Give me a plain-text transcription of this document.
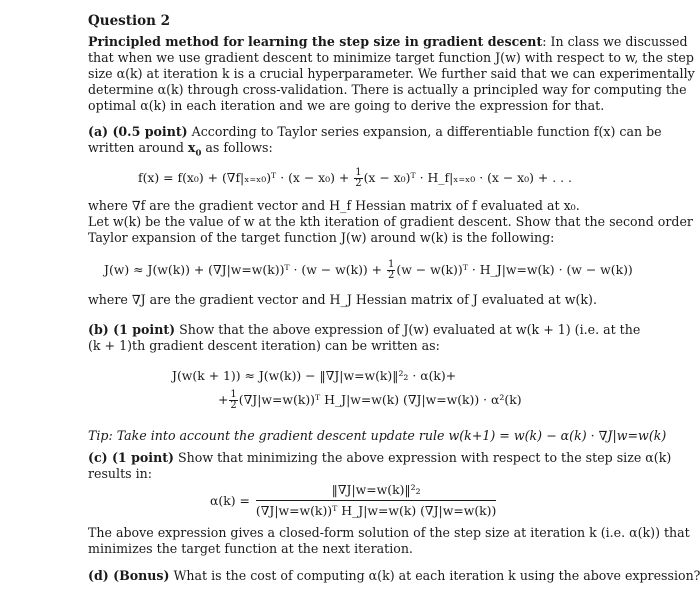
Question 2
Principled method for learning the step size in gradient descent: In class we discussed
that when we use gradient descent to minimize target function J(w) with respect to w, the step
size α(k) at iteration k is a crucial hyperparameter. We further said that we can experimentally
determine α(k) through cross-validation. There is actually a principled way for computing the
optimal α(k) in each iteration and we are going to derive the expression for that.
(a) (0.5 point) According to Taylor series expansion, a differentiable function f(x) can be
written around $x_0$ as follows:
f(x) = f(x₀) + (∇f|ₓ₌ₓ₀)ᵀ · $(x - x_0) + \frac{1}{2} (x$ − x₀)ᵀ · H_f|ₓ₌ₓ₀ · (x − x₀) + . . .
where ∇f are the gradient vector and H_f Hessian matrix of f evaluated at x₀.
Let w(k) be the value of w at the kth iteration of gradient descent. Show that the second order
Taylor expansion of the target function J(w) around w(k) is the following:
J(w) ≈ J(w(k)) + (∇J|w=w(k))ᵀ · $(w - w(k)) + \frac{1}{2} (w$ − w(k))ᵀ · H_J|w=w(k) · (w − w(k))
where ∇J are the gradient vector and H_J Hessian matrix of J evaluated at w(k).
(b) (1 point) Show that the above expression of J(w) evaluated at w(k + 1) (i.e. at the
(k + 1)th gradient descent iteration) can be written as:
J(w(k + 1)) ≈ J(w(k)) − ‖∇J|w=w(k)‖²₂ · α(k)+
+ $\frac{1}{2}$ (∇J|w=w(k))ᵀ H_J|w=w(k) (∇J|w=w(k)) · α²(k)
Tip: Take into account the gradient descent update rule w(k+1) = w(k) − α(k) · ∇J|w=w(k)
(c) (1 point) Show that minimizing the above expression with respect to the step size α(k)
results in:
$\alpha(k) = \frac{\text{‖∇J|w=w(k)‖²₂}}{\text{(∇J|w=w(k))ᵀ H\_J|w=w(k) (∇J|w=w(k))}}$
The above expression gives a closed-form solution of the step size at iteration k (i.e. α(k)) that
minimizes the target function at the next iteration.
(d) (Bonus) What is the cost of computing α(k) at each iteration k using the above expression?
